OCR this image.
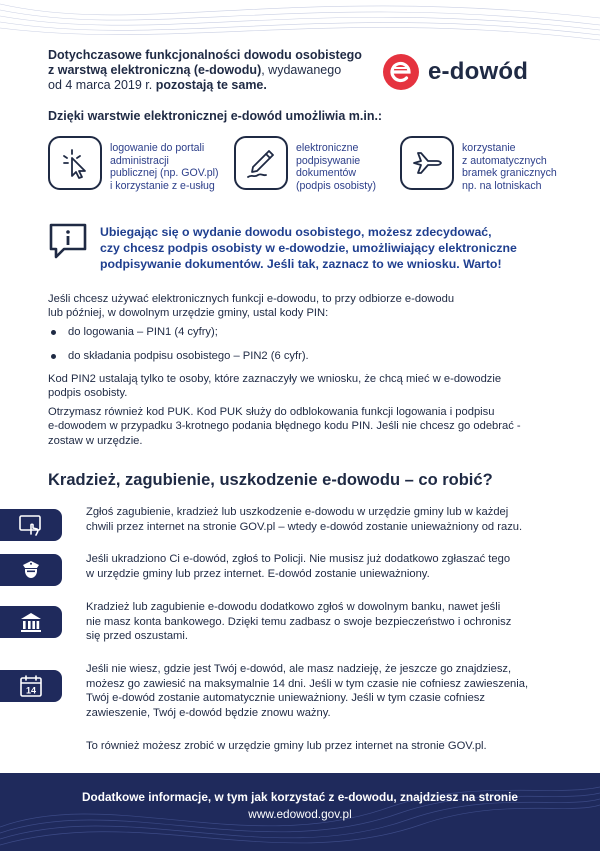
Dotychczasowe funkcjonalności dowodu osobistego
z warstwą elektroniczną (e-dowodu), wydawanego
od 4 marca 2019 r. pozostają te same.	e-dowód
Dzięki warstwie elektronicznej e-dowód umożliwia m.in.:
logowanie do portali
administracji
publicznej (np. GOV.pl)
i korzystanie z e-usług
elektroniczne
podpisywanie
dokumentów
(podpis osobisty)
korzystanie
z automatycznych
bramek granicznych
np. na lotniskach
Ubiegając się o wydanie dowodu osobistego, możesz zdecydować,
czy chcesz podpis osobisty w e-dowodzie, umożliwiający elektroniczne
podpisywanie dokumentów. Jeśli tak, zaznacz to we wniosku. Warto!

Jeśli chcesz używać elektronicznych funkcji e-dowodu, to przy odbiorze e-dowodu
lub później, w dowolnym urzędzie gminy, ustal kody PIN:

do logowania – PIN1 (4 cyfry);
do składania podpisu osobistego – PIN2 (6 cyfr).

Kod PIN2 ustalają tylko te osoby, które zaznaczyły we wniosku, że chcą mieć w e-dowodzie
podpis osobisty.

Otrzymasz również kod PUK. Kod PUK służy do odblokowania funkcji logowania i podpisu
e-dowodem w przypadku 3-krotnego podania błędnego kodu PIN. Jeśli nie chcesz go odebrać -
zostaw w urzędzie.

Kradzież, zagubienie, uszkodzenie e-dowodu – co robić?
Zgłoś zagubienie, kradzież lub uszkodzenie e-dowodu w urzędzie gminy lub w każdej
chwili przez internet na stronie GOV.pl – wtedy e-dowód zostanie unieważniony od razu.
Jeśli ukradziono Ci e-dowód, zgłoś to Policji. Nie musisz już dodatkowo zgłaszać tego
w urzędzie gminy lub przez internet. E-dowód zostanie unieważniony.
Kradzież lub zagubienie e-dowodu dodatkowo zgłoś w dowolnym banku, nawet jeśli
nie masz konta bankowego. Dzięki temu zadbasz o swoje bezpieczeństwo i ochronisz
się przed oszustami.
14
Jeśli nie wiesz, gdzie jest Twój e-dowód, ale masz nadzieję, że jeszcze go znajdziesz,
możesz go zawiesić na maksymalnie 14 dni. Jeśli w tym czasie nie cofniesz zawieszenia,
Twój e-dowód zostanie automatycznie unieważniony. Jeśli w tym czasie cofniesz
zawieszenie, Twój e-dowód będzie znowu ważny.
To również możesz zrobić w urzędzie gminy lub przez internet na stronie GOV.pl.
Dodatkowe informacje, w tym jak korzystać z e-dowodu, znajdziesz na stronie
www.edowod.gov.pl
